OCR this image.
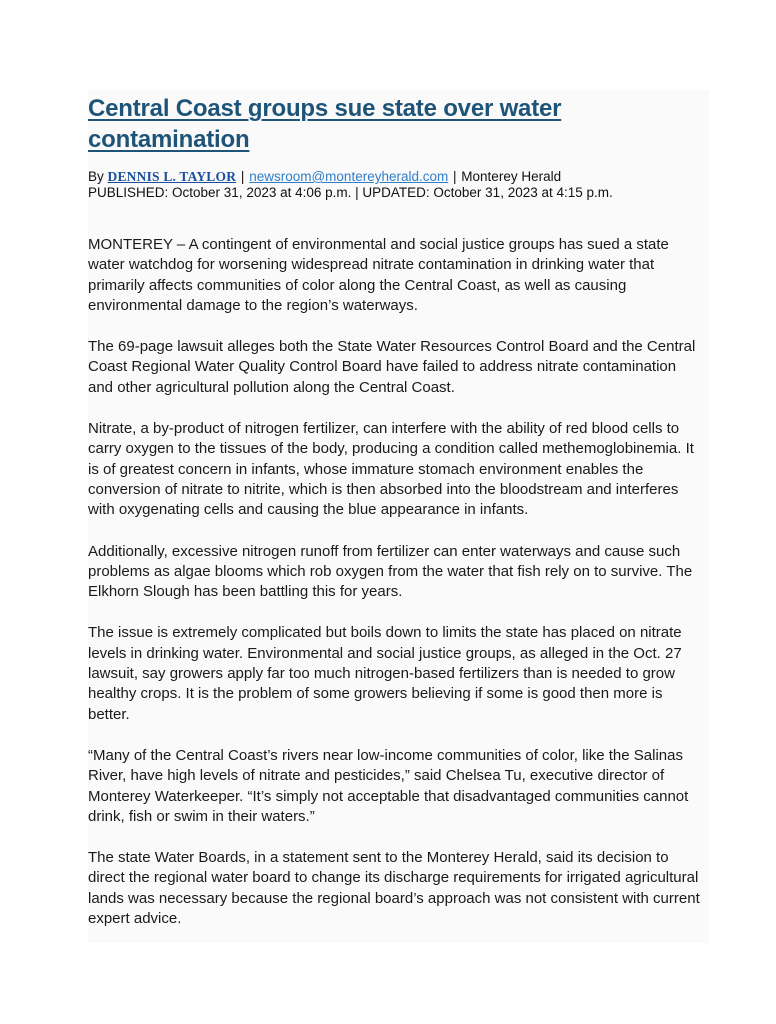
Central Coast groups sue state over water contamination
By DENNIS L. TAYLOR | newsroom@montereyherald.com | Monterey Herald
PUBLISHED: October 31, 2023 at 4:06 p.m. | UPDATED: October 31, 2023 at 4:15 p.m.

MONTEREY – A contingent of environmental and social justice groups has sued a state water watchdog for worsening widespread nitrate contamination in drinking water that primarily affects communities of color along the Central Coast, as well as causing environmental damage to the region’s waterways.

The 69-page lawsuit alleges both the State Water Resources Control Board and the Central Coast Regional Water Quality Control Board have failed to address nitrate contamination and other agricultural pollution along the Central Coast.

Nitrate, a by-product of nitrogen fertilizer, can interfere with the ability of red blood cells to carry oxygen to the tissues of the body, producing a condition called methemoglobinemia. It is of greatest concern in infants, whose immature stomach environment enables the conversion of nitrate to nitrite, which is then absorbed into the bloodstream and interferes with oxygenating cells and causing the blue appearance in infants.

Additionally, excessive nitrogen runoff from fertilizer can enter waterways and cause such problems as algae blooms which rob oxygen from the water that fish rely on to survive. The Elkhorn Slough has been battling this for years.

The issue is extremely complicated but boils down to limits the state has placed on nitrate levels in drinking water. Environmental and social justice groups, as alleged in the Oct. 27 lawsuit, say growers apply far too much nitrogen-based fertilizers than is needed to grow healthy crops. It is the problem of some growers believing if some is good then more is better.

“Many of the Central Coast’s rivers near low-income communities of color, like the Salinas River, have high levels of nitrate and pesticides,” said Chelsea Tu, executive director of Monterey Waterkeeper. “It’s simply not acceptable that disadvantaged communities cannot drink, fish or swim in their waters.”

The state Water Boards, in a statement sent to the Monterey Herald, said its decision to direct the regional water board to change its discharge requirements for irrigated agricultural lands was necessary because the regional board’s approach was not consistent with current expert advice.
